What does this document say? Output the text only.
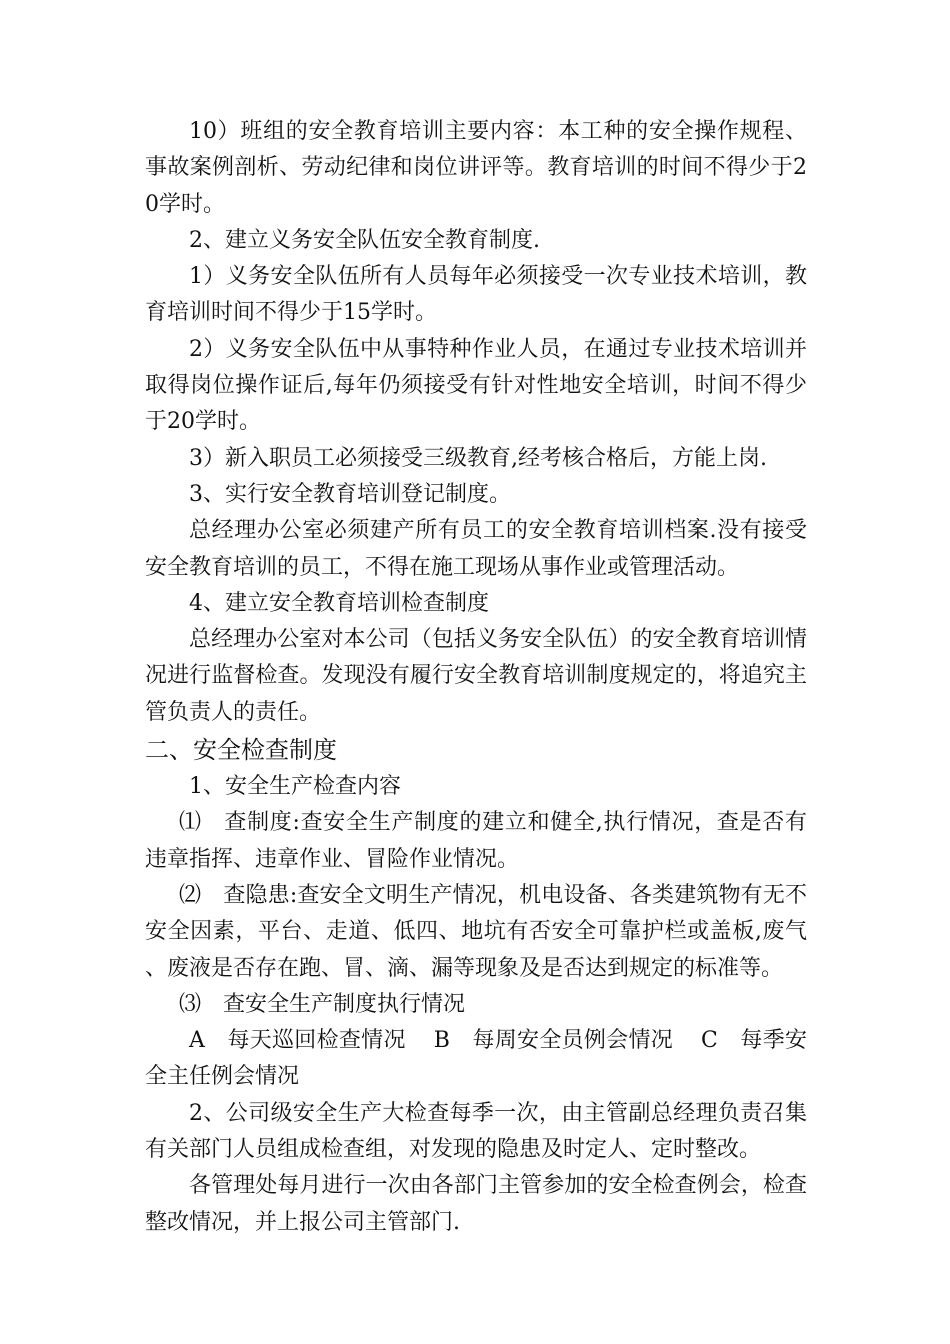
10）班组的安全教育培训主要内容：本工种的安全操作规程、事故案例剖析、劳动纪律和岗位讲评等。教育培训的时间不得少于20学时。

2、建立义务安全队伍安全教育制度.

1）义务安全队伍所有人员每年必须接受一次专业技术培训，教育培训时间不得少于15学时。

2）义务安全队伍中从事特种作业人员，在通过专业技术培训并取得岗位操作证后,每年仍须接受有针对性地安全培训，时间不得少于20学时。

3）新入职员工必须接受三级教育,经考核合格后，方能上岗.

3、实行安全教育培训登记制度。

总经理办公室必须建产所有员工的安全教育培训档案.没有接受安全教育培训的员工，不得在施工现场从事作业或管理活动。

4、建立安全教育培训检查制度

总经理办公室对本公司（包括义务安全队伍）的安全教育培训情况进行监督检查。发现没有履行安全教育培训制度规定的，将追究主管负责人的责任。

二、安全检查制度

1、安全生产检查内容

⑴　查制度:查安全生产制度的建立和健全,执行情况，查是否有违章指挥、违章作业、冒险作业情况。

⑵　查隐患:查安全文明生产情况，机电设备、各类建筑物有无不安全因素，平台、走道、低四、地坑有否安全可靠护栏或盖板,废气、废液是否存在跑、冒、滴、漏等现象及是否达到规定的标准等。

⑶　查安全生产制度执行情况

A　每天巡回检查情况 B　每周安全员例会情况 C　每季安全主任例会情况

2、公司级安全生产大检查每季一次，由主管副总经理负责召集有关部门人员组成检查组，对发现的隐患及时定人、定时整改。

各管理处每月进行一次由各部门主管参加的安全检查例会，检查整改情况，并上报公司主管部门.
